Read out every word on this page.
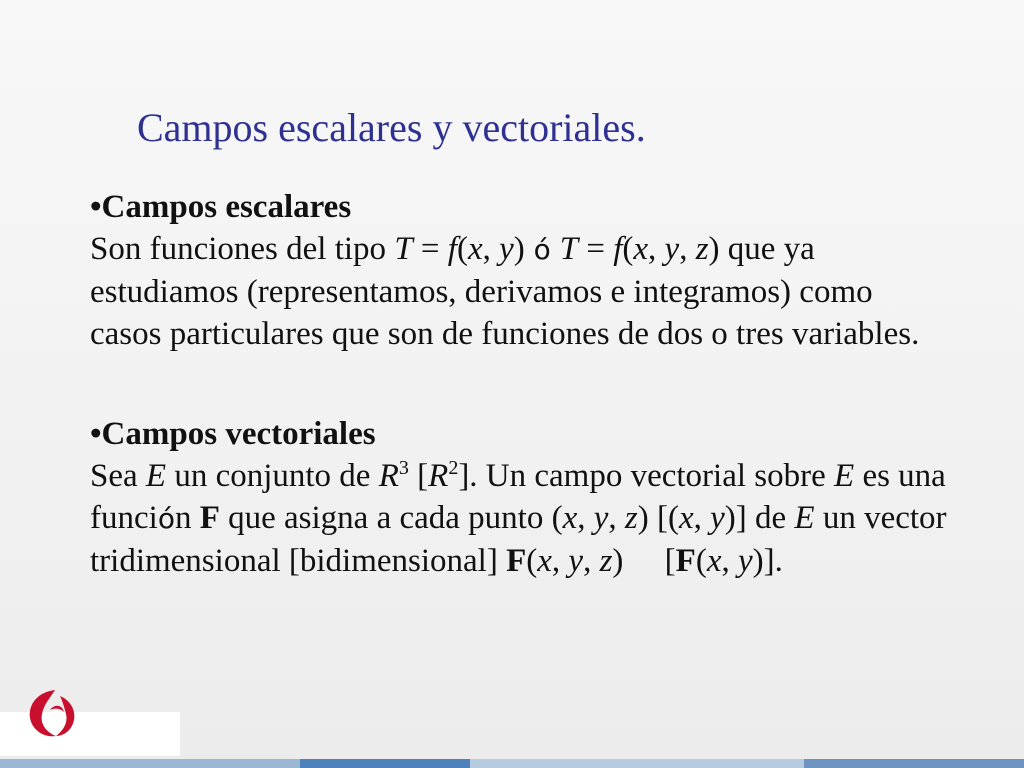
Campos escalares y vectoriales.

•Campos escalares

Son funciones del tipo T = f(x, y) ó T = f(x, y, z) que ya estudiamos (representamos, derivamos e integramos) como casos particulares que son de funciones de dos o tres variables.

•Campos vectoriales

Sea E un conjunto de $R^3$ $[R^2]$. Un campo vectorial sobre E es una función F que asigna a cada punto (x, y, z) [(x, y)] de E un vector tridimensional [bidimensional] F(x, y, z)     [F(x, y)].
